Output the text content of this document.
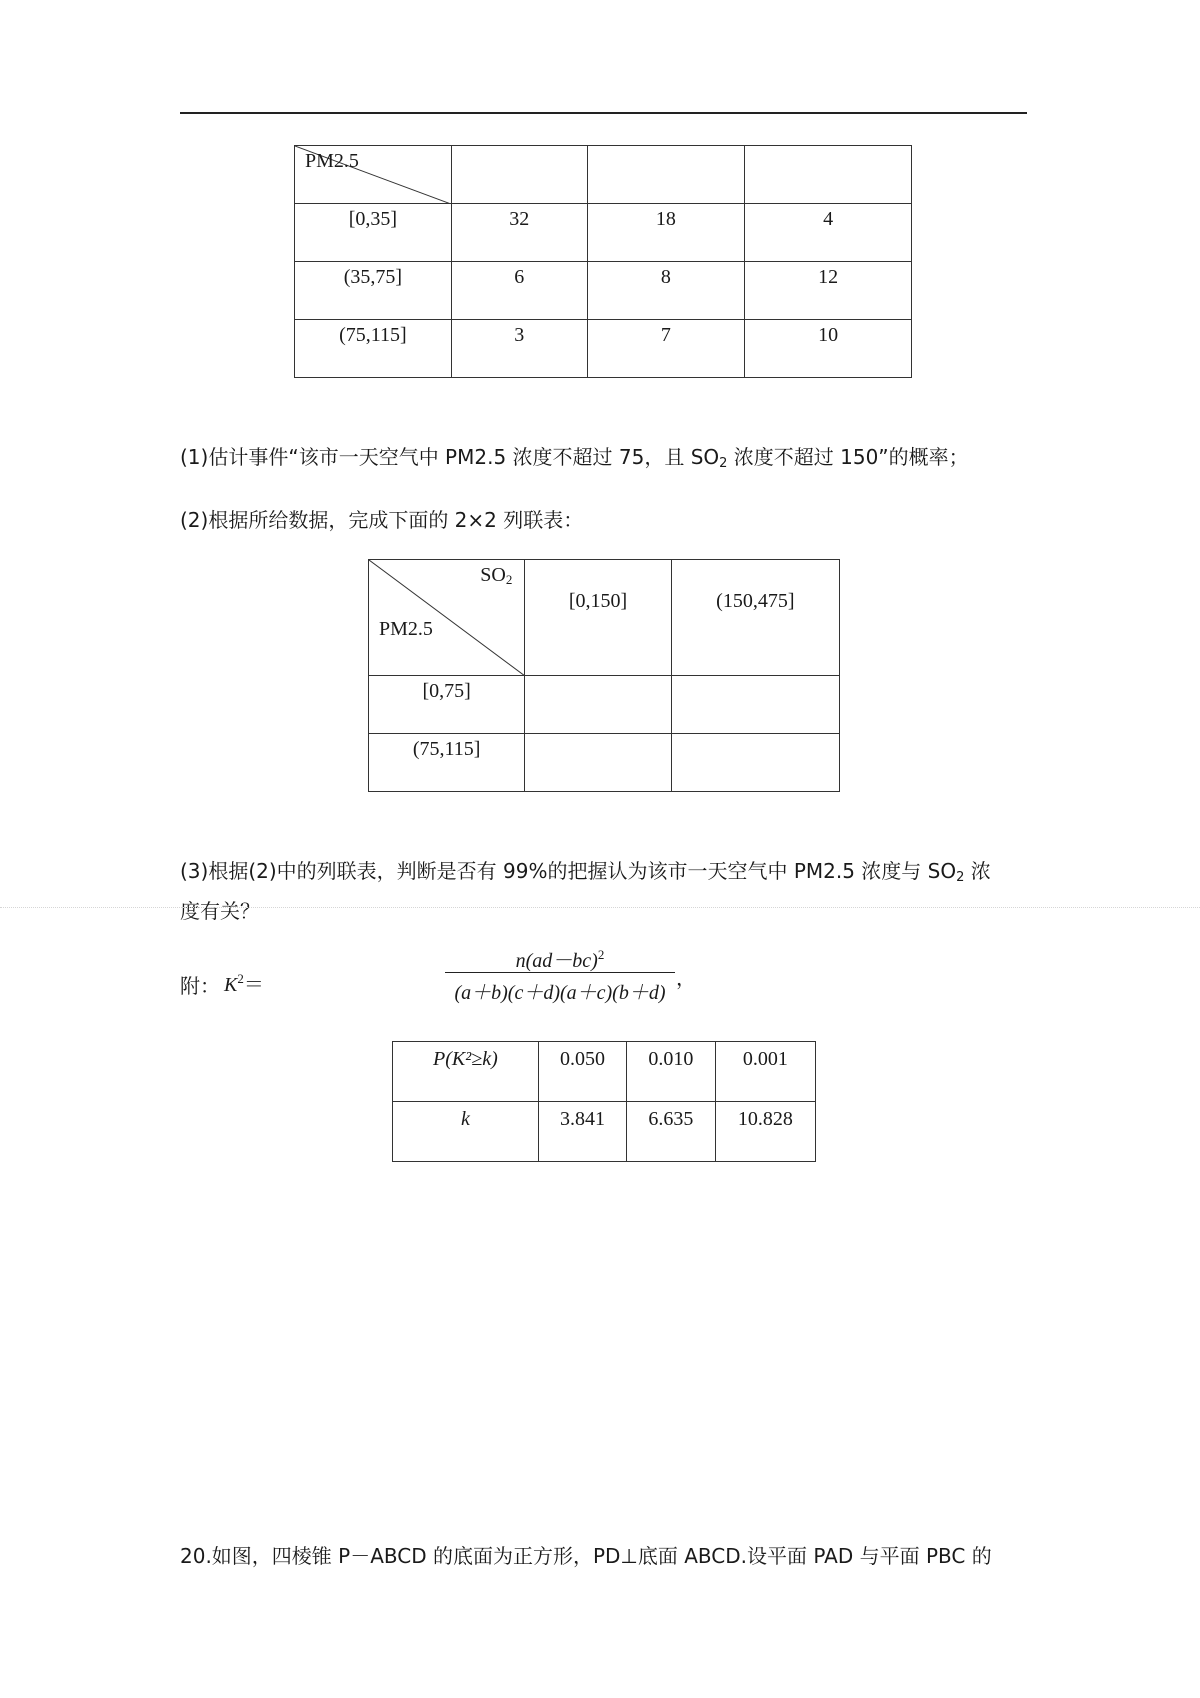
PM2.5			

[0,35]	32	18	4
(35,75]	6	8	12
(75,115]	3	7	10
(1)估计事件“该市一天空气中 PM2.5 浓度不超过 75，且 $SO_2$ 浓度不超过 150”的概率；
(2)根据所给数据，完成下面的 2×2 列联表：
$SO_2$
PM2.5	[0,150]	(150,475]
[0,75]		
(75,115]		
(3)根据(2)中的列联表，判断是否有 99%的把握认为该市一天空气中 PM2.5 浓度与 $SO_2$ 浓
度有关？
附： $K^2=$
$n(ad-bc)^2$
(a＋b)(c＋d)(a＋c)(b＋d)
，
P(K²≥k)	0.050	0.010	0.001
k	3.841	6.635	10.828
20.如图，四棱锥 P－ABCD 的底面为正方形，PD⊥底面 ABCD.设平面 PAD 与平面 PBC 的
